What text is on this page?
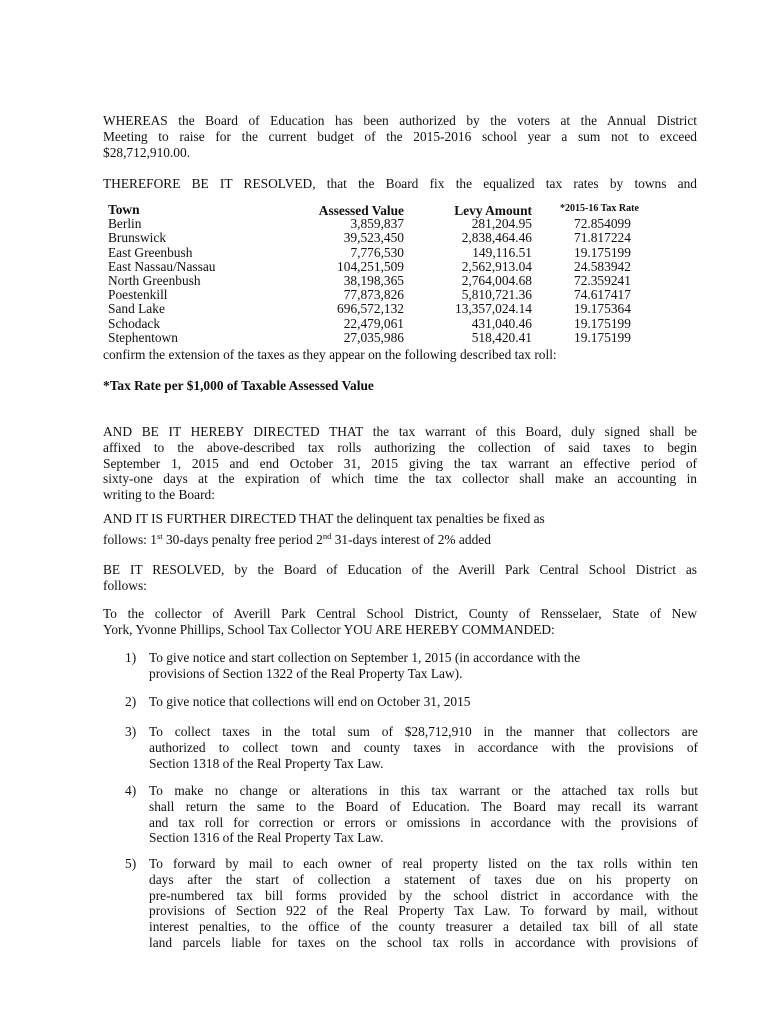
WHEREAS the Board of Education has been authorized by the voters at the Annual District
Meeting to raise for the current budget of the 2015-2016 school year a sum not to exceed
$28,712,910.00.
THEREFORE BE IT RESOLVED, that the Board fix the equalized tax rates by towns and
Town	Assessed Value	Levy Amount	*2015-16 Tax Rate
Berlin	3,859,837	281,204.95	72.854099
Brunswick	39,523,450	2,838,464.46	71.817224
East Greenbush	7,776,530	149,116.51	19.175199
East Nassau/Nassau	104,251,509	2,562,913.04	24.583942
North Greenbush	38,198,365	2,764,004.68	72.359241
Poestenkill	77,873,826	5,810,721.36	74.617417
Sand Lake	696,572,132	13,357,024.14	19.175364
Schodack	22,479,061	431,040.46	19.175199
Stephentown	27,035,986	518,420.41	19.175199
confirm the extension of the taxes as they appear on the following described tax roll:
*Tax Rate per $1,000 of Taxable Assessed Value
AND BE IT HEREBY DIRECTED THAT the tax warrant of this Board, duly signed shall be
affixed to the above-described tax rolls authorizing the collection of said taxes to begin
September 1, 2015 and end October 31, 2015 giving the tax warrant an effective period of
sixty-one days at the expiration of which time the tax collector shall make an accounting in
writing to the Board:
AND IT IS FURTHER DIRECTED THAT the delinquent tax penalties be fixed as
follows: 1st 30-days penalty free period 2nd 31-days interest of 2% added
BE IT RESOLVED, by the Board of Education of the Averill Park Central School District as
follows:
To the collector of Averill Park Central School District, County of Rensselaer, State of New
York, Yvonne Phillips, School Tax Collector YOU ARE HEREBY COMMANDED:
1) To give notice and start collection on September 1, 2015 (in accordance with the
provisions of Section 1322 of the Real Property Tax Law).
2) To give notice that collections will end on October 31, 2015
3) To collect taxes in the total sum of $28,712,910 in the manner that collectors are
authorized to collect town and county taxes in accordance with the provisions of
Section 1318 of the Real Property Tax Law.
4) To make no change or alterations in this tax warrant or the attached tax rolls but
shall return the same to the Board of Education. The Board may recall its warrant
and tax roll for correction or errors or omissions in accordance with the provisions of
Section 1316 of the Real Property Tax Law.
5) To forward by mail to each owner of real property listed on the tax rolls within ten
days after the start of collection a statement of taxes due on his property on
pre-numbered tax bill forms provided by the school district in accordance with the
provisions of Section 922 of the Real Property Tax Law. To forward by mail, without
interest penalties, to the office of the county treasurer a detailed tax bill of all state
land parcels liable for taxes on the school tax rolls in accordance with provisions of
